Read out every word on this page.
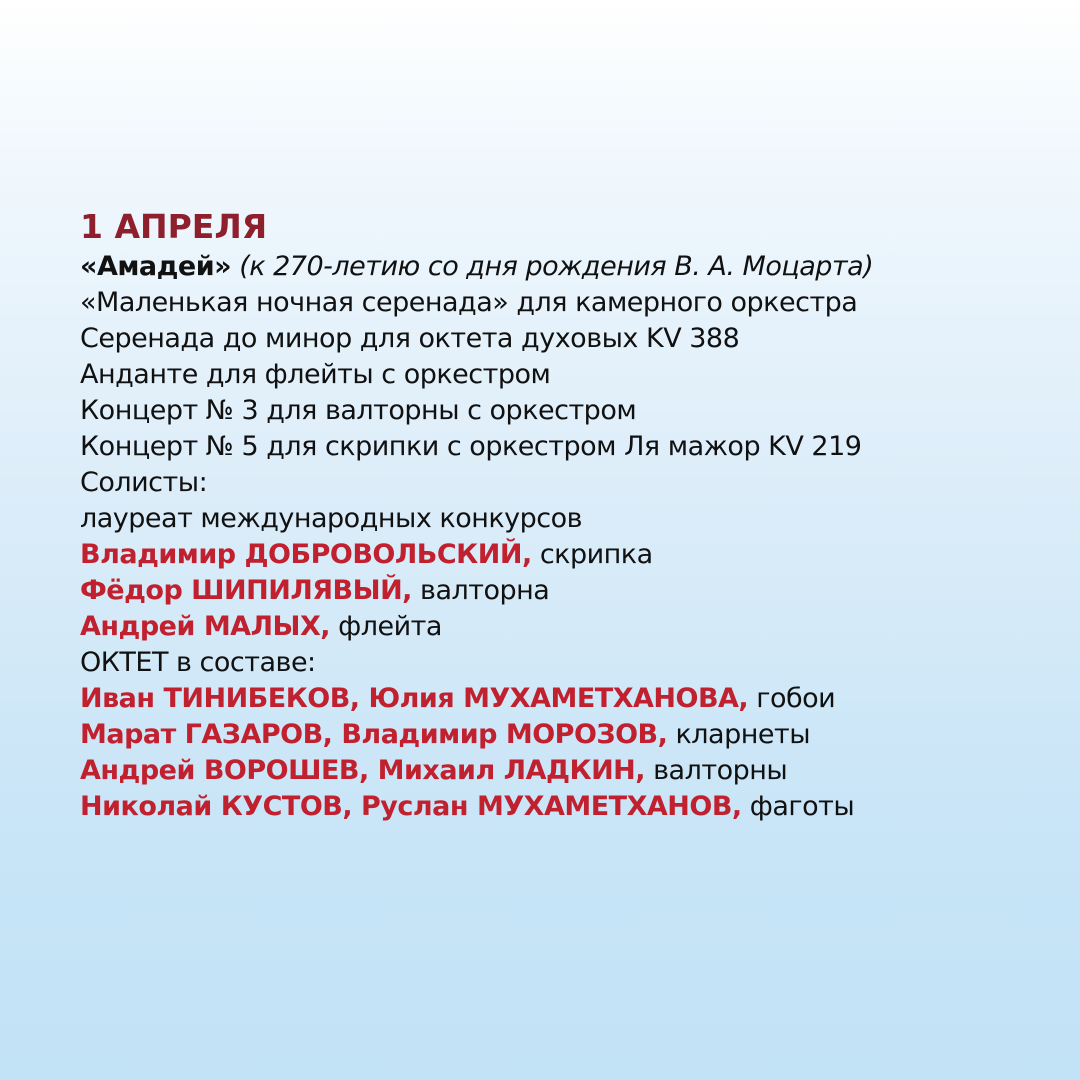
1 АПРЕЛЯ
«Амадей» (к 270-летию со дня рождения В. А. Моцарта)
«Маленькая ночная серенада» для камерного оркестра
Серенада до минор для октета духовых KV 388
Анданте для флейты с оркестром
Концерт № 3 для валторны с оркестром
Концерт № 5 для скрипки с оркестром Ля мажор KV 219
Солисты:
лауреат международных конкурсов
Владимир ДОБРОВОЛЬСКИЙ, скрипка
Фёдор ШИПИЛЯВЫЙ, валторна
Андрей МАЛЫХ, флейта
ОКТЕТ в составе:
Иван ТИНИБЕКОВ, Юлия МУХАМЕТХАНОВА, гобои
Марат ГАЗАРОВ, Владимир МОРОЗОВ, кларнеты
Андрей ВОРОШЕВ, Михаил ЛАДКИН, валторны
Николай КУСТОВ, Руслан МУХАМЕТХАНОВ, фаготы
